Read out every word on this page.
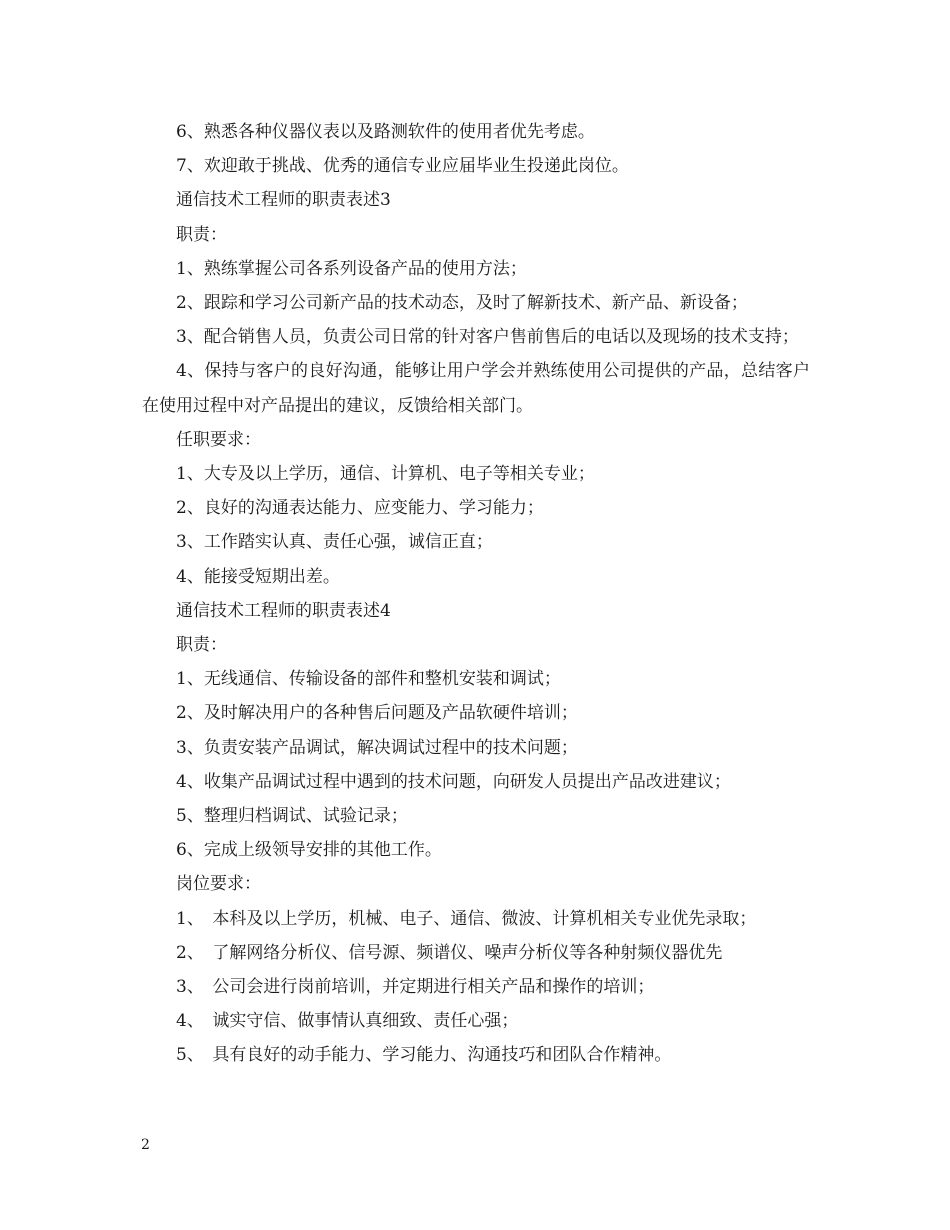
6、熟悉各种仪器仪表以及路测软件的使用者优先考虑。
7、欢迎敢于挑战、优秀的通信专业应届毕业生投递此岗位。
通信技术工程师的职责表述3
职责：
1、熟练掌握公司各系列设备产品的使用方法；
2、跟踪和学习公司新产品的技术动态，及时了解新技术、新产品、新设备；
3、配合销售人员，负责公司日常的针对客户售前售后的电话以及现场的技术支持；
4、保持与客户的良好沟通，能够让用户学会并熟练使用公司提供的产品，总结客户在使用过程中对产品提出的建议，反馈给相关部门。
任职要求：
1、大专及以上学历，通信、计算机、电子等相关专业；
2、良好的沟通表达能力、应变能力、学习能力；
3、工作踏实认真、责任心强，诚信正直；
4、能接受短期出差。
通信技术工程师的职责表述4
职责：
1、无线通信、传输设备的部件和整机安装和调试；
2、及时解决用户的各种售后问题及产品软硬件培训；
3、负责安装产品调试，解决调试过程中的技术问题；
4、收集产品调试过程中遇到的技术问题，向研发人员提出产品改进建议；
5、整理归档调试、试验记录；
6、完成上级领导安排的其他工作。
岗位要求：
1、　本科及以上学历，机械、电子、通信、微波、计算机相关专业优先录取；
2、　了解网络分析仪、信号源、频谱仪、噪声分析仪等各种射频仪器优先
3、　公司会进行岗前培训，并定期进行相关产品和操作的培训；
4、　诚实守信、做事情认真细致、责任心强；
5、　具有良好的动手能力、学习能力、沟通技巧和团队合作精神。
2
